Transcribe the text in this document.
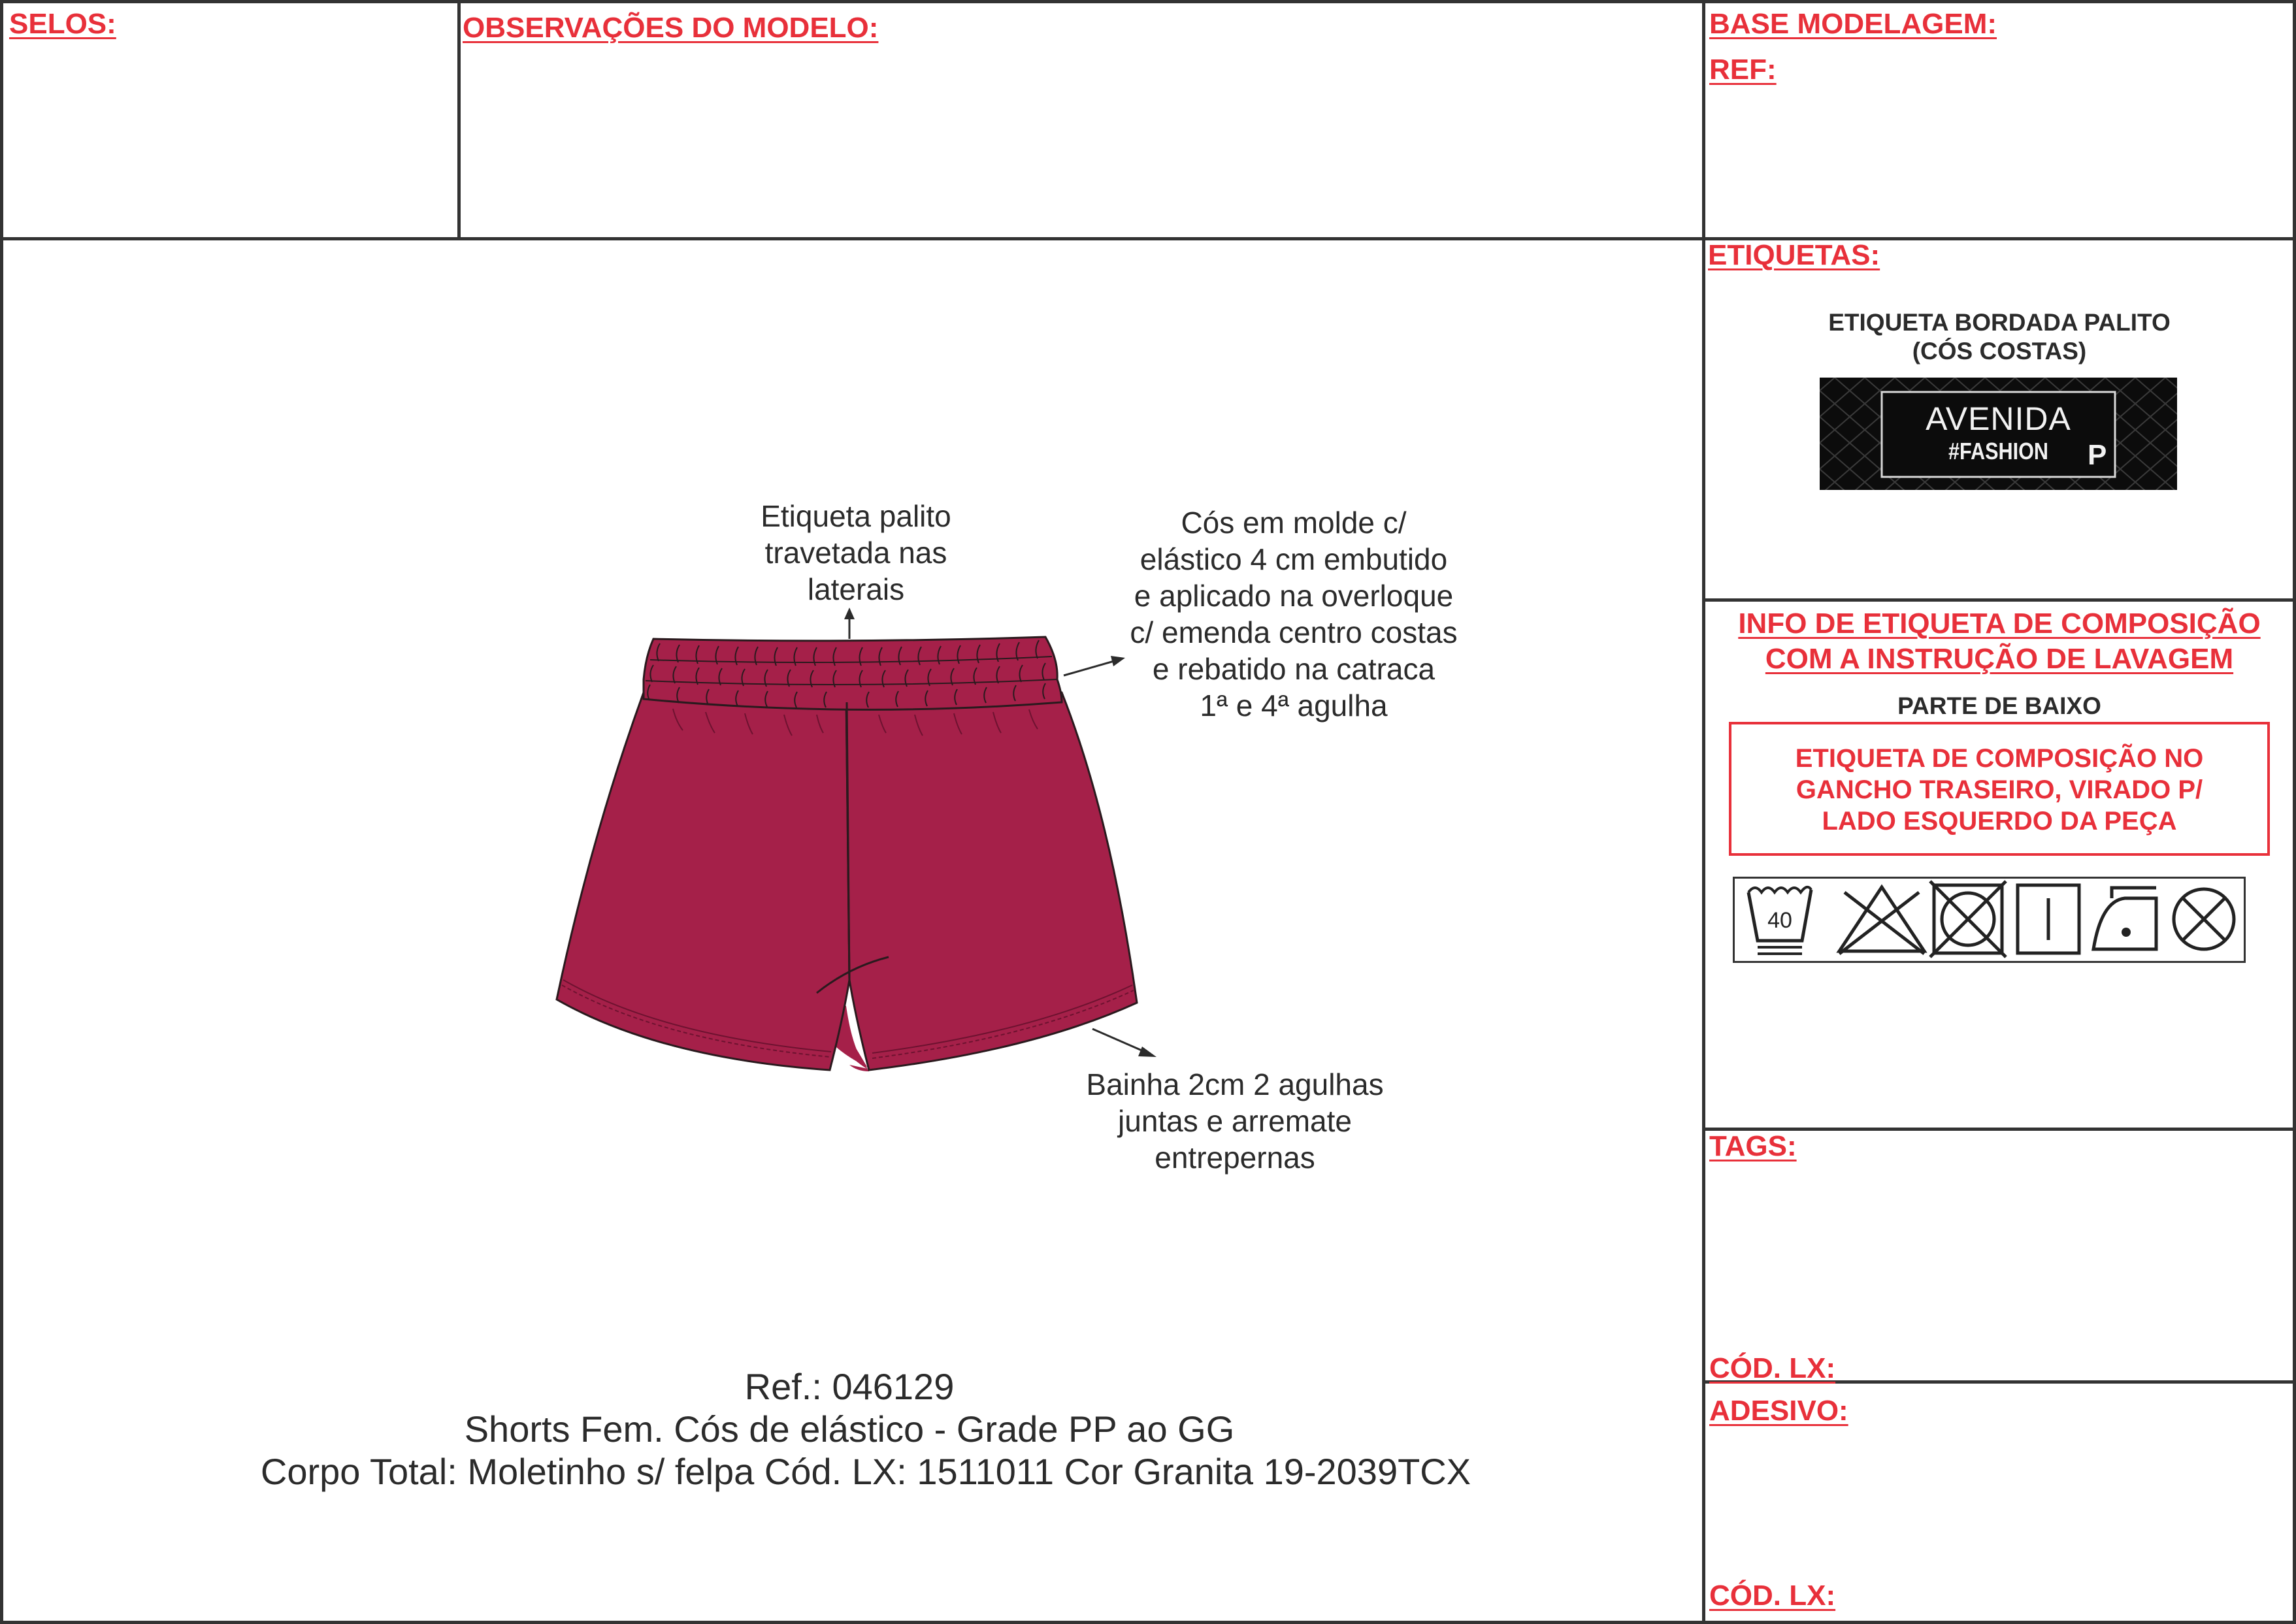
SELOS:	OBSERVAÇÕES DO MODELO:	BASE MODELAGEM:
REF:
ETIQUETAS:
ETIQUETA BORDADA PALITO
(CÓS COSTAS)
AVENIDA
#FASHION	P
INFO DE ETIQUETA DE COMPOSIÇÃO
COM A INSTRUÇÃO DE LAVAGEM
PARTE DE BAIXO
ETIQUETA DE COMPOSIÇÃO NO
GANCHO TRASEIRO, VIRADO P/
LADO ESQUERDO DA PEÇA
40
TAGS:
CÓD. LX:
ADESIVO:
CÓD. LX:
Etiqueta palito
travetada nas
laterais
Cós em molde c/
elástico 4 cm embutido
e aplicado na overloque
c/ emenda centro costas
e rebatido na catraca
1ª e 4ª agulha
Bainha 2cm 2 agulhas
juntas e arremate
entrepernas
Ref.: 046129
Shorts Fem. Cós de elástico - Grade PP ao GG
Corpo Total: Moletinho s/ felpa Cód. LX: 1511011 Cor Granita 19-2039TCX
